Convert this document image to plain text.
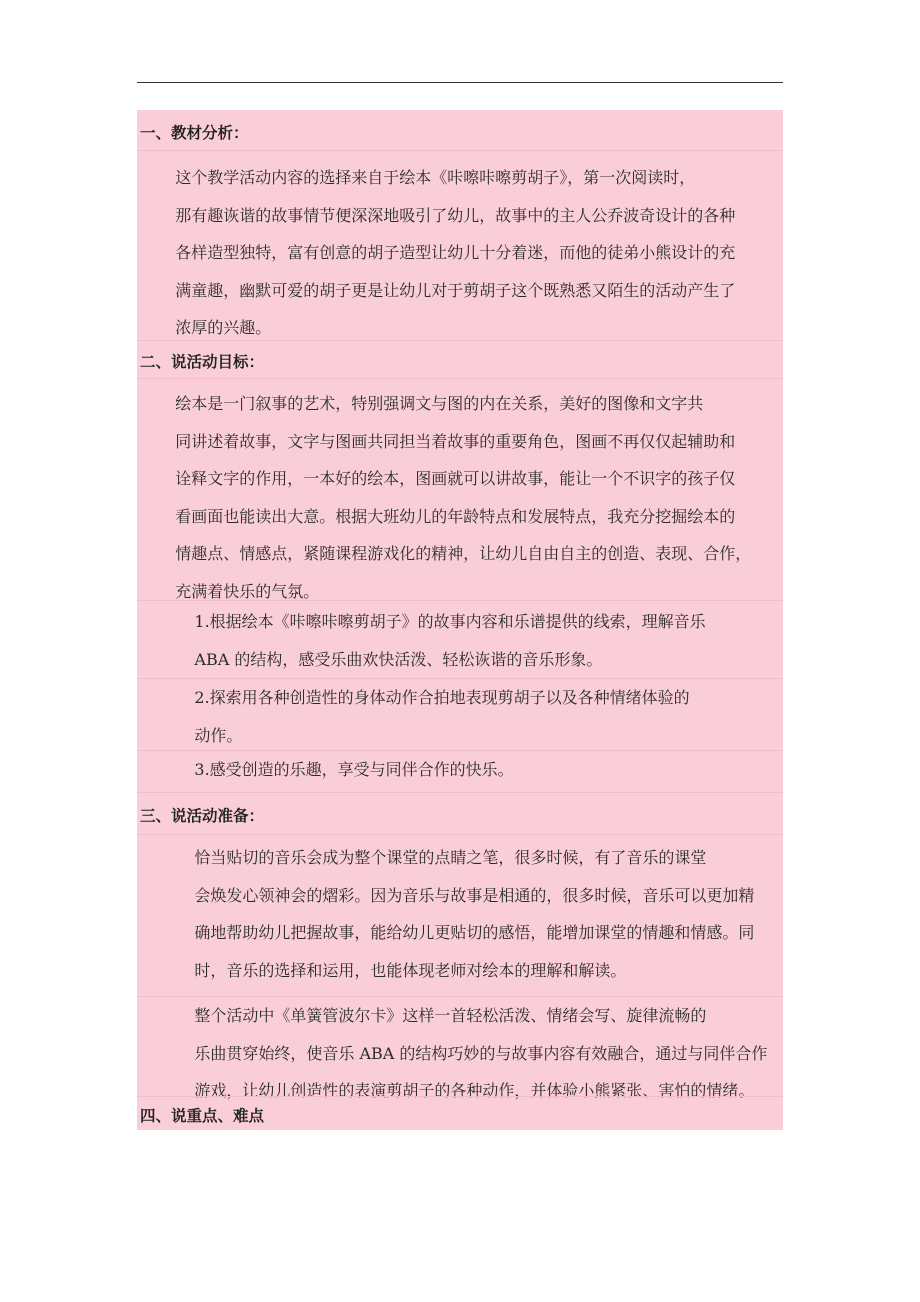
一、教材分析：

这个教学活动内容的选择来自于绘本《咔嚓咔嚓剪胡子》，第一次阅读时，
那有趣诙谐的故事情节便深深地吸引了幼儿，故事中的主人公乔波奇设计的各种
各样造型独特，富有创意的胡子造型让幼儿十分着迷，而他的徒弟小熊设计的充
满童趣，幽默可爱的胡子更是让幼儿对于剪胡子这个既熟悉又陌生的活动产生了
浓厚的兴趣。

二、说活动目标：

绘本是一门叙事的艺术，特别强调文与图的内在关系，美好的图像和文字共
同讲述着故事，文字与图画共同担当着故事的重要角色，图画不再仅仅起辅助和
诠释文字的作用，一本好的绘本，图画就可以讲故事，能让一个不识字的孩子仅
看画面也能读出大意。根据大班幼儿的年龄特点和发展特点，我充分挖掘绘本的
情趣点、情感点，紧随课程游戏化的精神，让幼儿自由自主的创造、表现、合作，
充满着快乐的气氛。

1.根据绘本《咔嚓咔嚓剪胡子》的故事内容和乐谱提供的线索，理解音乐
ABA 的结构，感受乐曲欢快活泼、轻松诙谐的音乐形象。

2.探索用各种创造性的身体动作合拍地表现剪胡子以及各种情绪体验的
动作。

3.感受创造的乐趣，享受与同伴合作的快乐。

三、说活动准备：

恰当贴切的音乐会成为整个课堂的点睛之笔，很多时候，有了音乐的课堂
会焕发心领神会的熠彩。因为音乐与故事是相通的，很多时候，音乐可以更加精
确地帮助幼儿把握故事，能给幼儿更贴切的感悟，能增加课堂的情趣和情感。同
时，音乐的选择和运用，也能体现老师对绘本的理解和解读。

整个活动中《单簧管波尔卡》这样一首轻松活泼、情绪会写、旋律流畅的
乐曲贯穿始终，使音乐 ABA 的结构巧妙的与故事内容有效融合，通过与同伴合作
游戏，让幼儿创造性的表演剪胡子的各种动作，并体验小熊紧张、害怕的情绪。

四、说重点、难点
